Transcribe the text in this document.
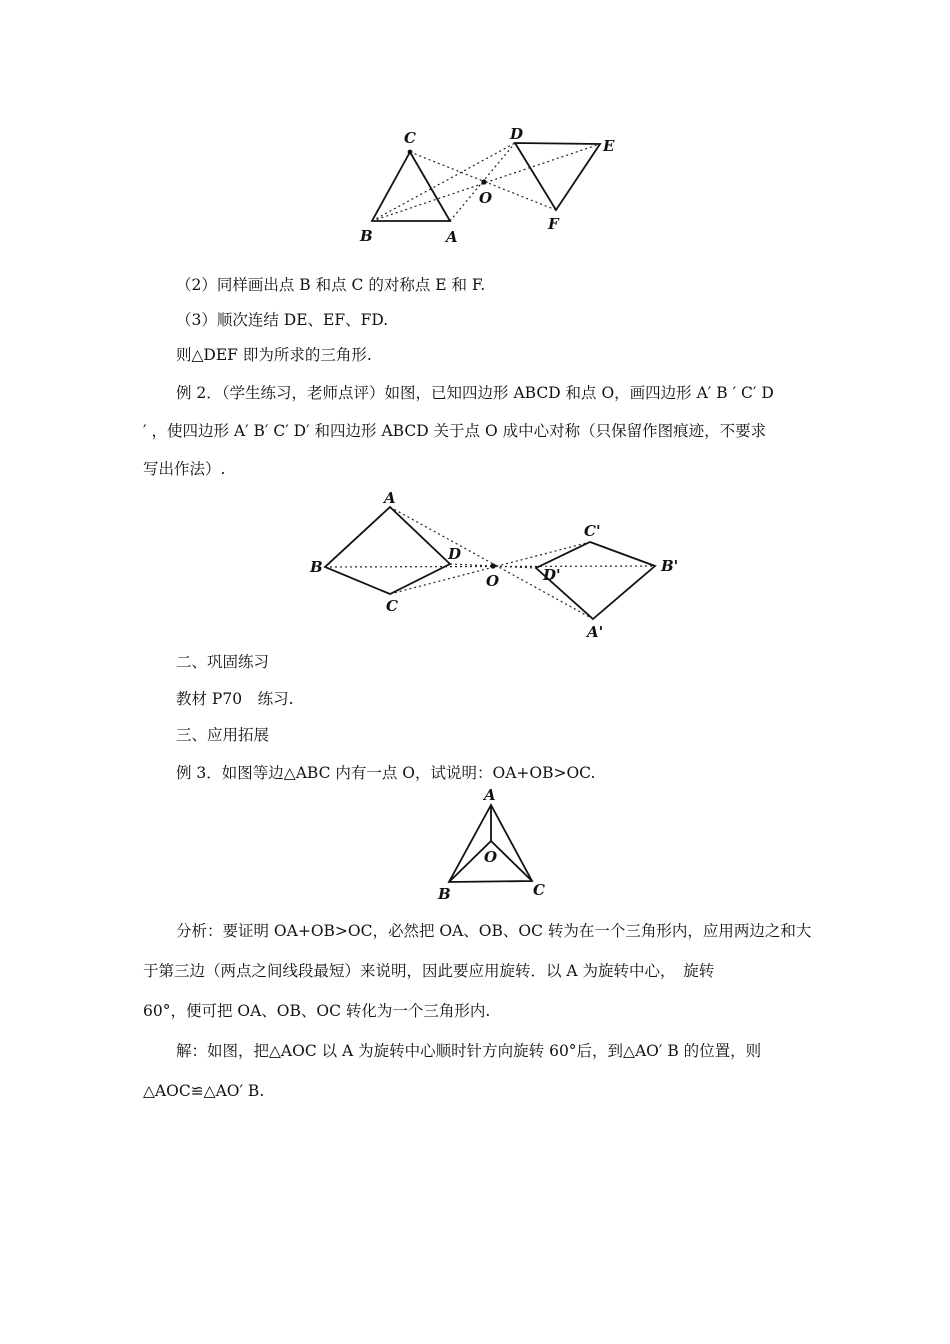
C
B	A
O
D
E
F
（2）同样画出点 B 和点 C 的对称点 E 和 F.
（3）顺次连结 DE、EF、FD.
则△DEF 即为所求的三角形.
例 2．（学生练习，老师点评）如图，已知四边形 ABCD 和点 O，画四边形 A′ B ′ C′ D
′ ，使四边形 A′ B′ C′ D′ 和四边形 ABCD 关于点 O 成中心对称（只保留作图痕迹，不要求
写出作法）.
A
B
C
D
O
C'
D'	B'
A'
二、巩固练习
教材 P70　练习.
三、应用拓展
例 3．如图等边△ABC 内有一点 O，试说明：OA+OB>OC.
A
O
B	C
分析：要证明 OA+OB>OC，必然把 OA、OB、OC 转为在一个三角形内，应用两边之和大
于第三边（两点之间线段最短）来说明，因此要应用旋转．以 A 为旋转中心，　旋转
60°，便可把 OA、OB、OC 转化为一个三角形内.
解：如图，把△AOC 以 A 为旋转中心顺时针方向旋转 60°后，到△AO′ B 的位置，则
△AOC≌△AO′ B.
